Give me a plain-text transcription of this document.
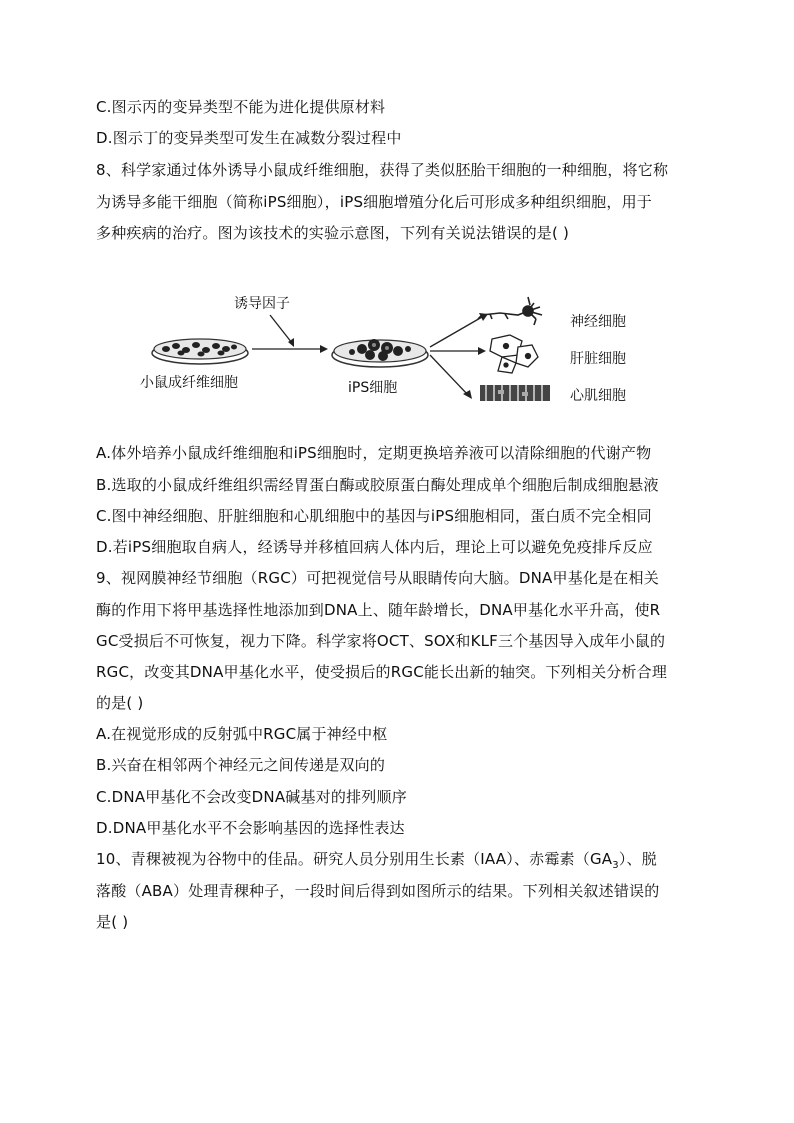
C.图示丙的变异类型不能为进化提供原材料
D.图示丁的变异类型可发生在减数分裂过程中
8、科学家通过体外诱导小鼠成纤维细胞，获得了类似胚胎干细胞的一种细胞，将它称
为诱导多能干细胞（简称iPS细胞），iPS细胞增殖分化后可形成多种组织细胞，用于
多种疾病的治疗。图为该技术的实验示意图，下列有关说法错误的是( )
诱导因子
小鼠成纤维细胞	iPS细胞
神经细胞
肝脏细胞
心肌细胞
A.体外培养小鼠成纤维细胞和iPS细胞时，定期更换培养液可以清除细胞的代谢产物
B.选取的小鼠成纤维组织需经胃蛋白酶或胶原蛋白酶处理成单个细胞后制成细胞悬液
C.图中神经细胞、肝脏细胞和心肌细胞中的基因与iPS细胞相同，蛋白质不完全相同
D.若iPS细胞取自病人，经诱导并移植回病人体内后，理论上可以避免免疫排斥反应
9、视网膜神经节细胞（RGC）可把视觉信号从眼睛传向大脑。DNA甲基化是在相关
酶的作用下将甲基选择性地添加到DNA上、随年龄增长，DNA甲基化水平升高，使R
GC受损后不可恢复，视力下降。科学家将OCT、SOX和KLF三个基因导入成年小鼠的
RGC，改变其DNA甲基化水平，使受损后的RGC能长出新的轴突。下列相关分析合理
的是( )
A.在视觉形成的反射弧中RGC属于神经中枢
B.兴奋在相邻两个神经元之间传递是双向的
C.DNA甲基化不会改变DNA碱基对的排列顺序
D.DNA甲基化水平不会影响基因的选择性表达
10、青稞被视为谷物中的佳品。研究人员分别用生长素（IAA）、赤霉素$(GA_3)$、脱
落酸（ABA）处理青稞种子，一段时间后得到如图所示的结果。下列相关叙述错误的
是( )
